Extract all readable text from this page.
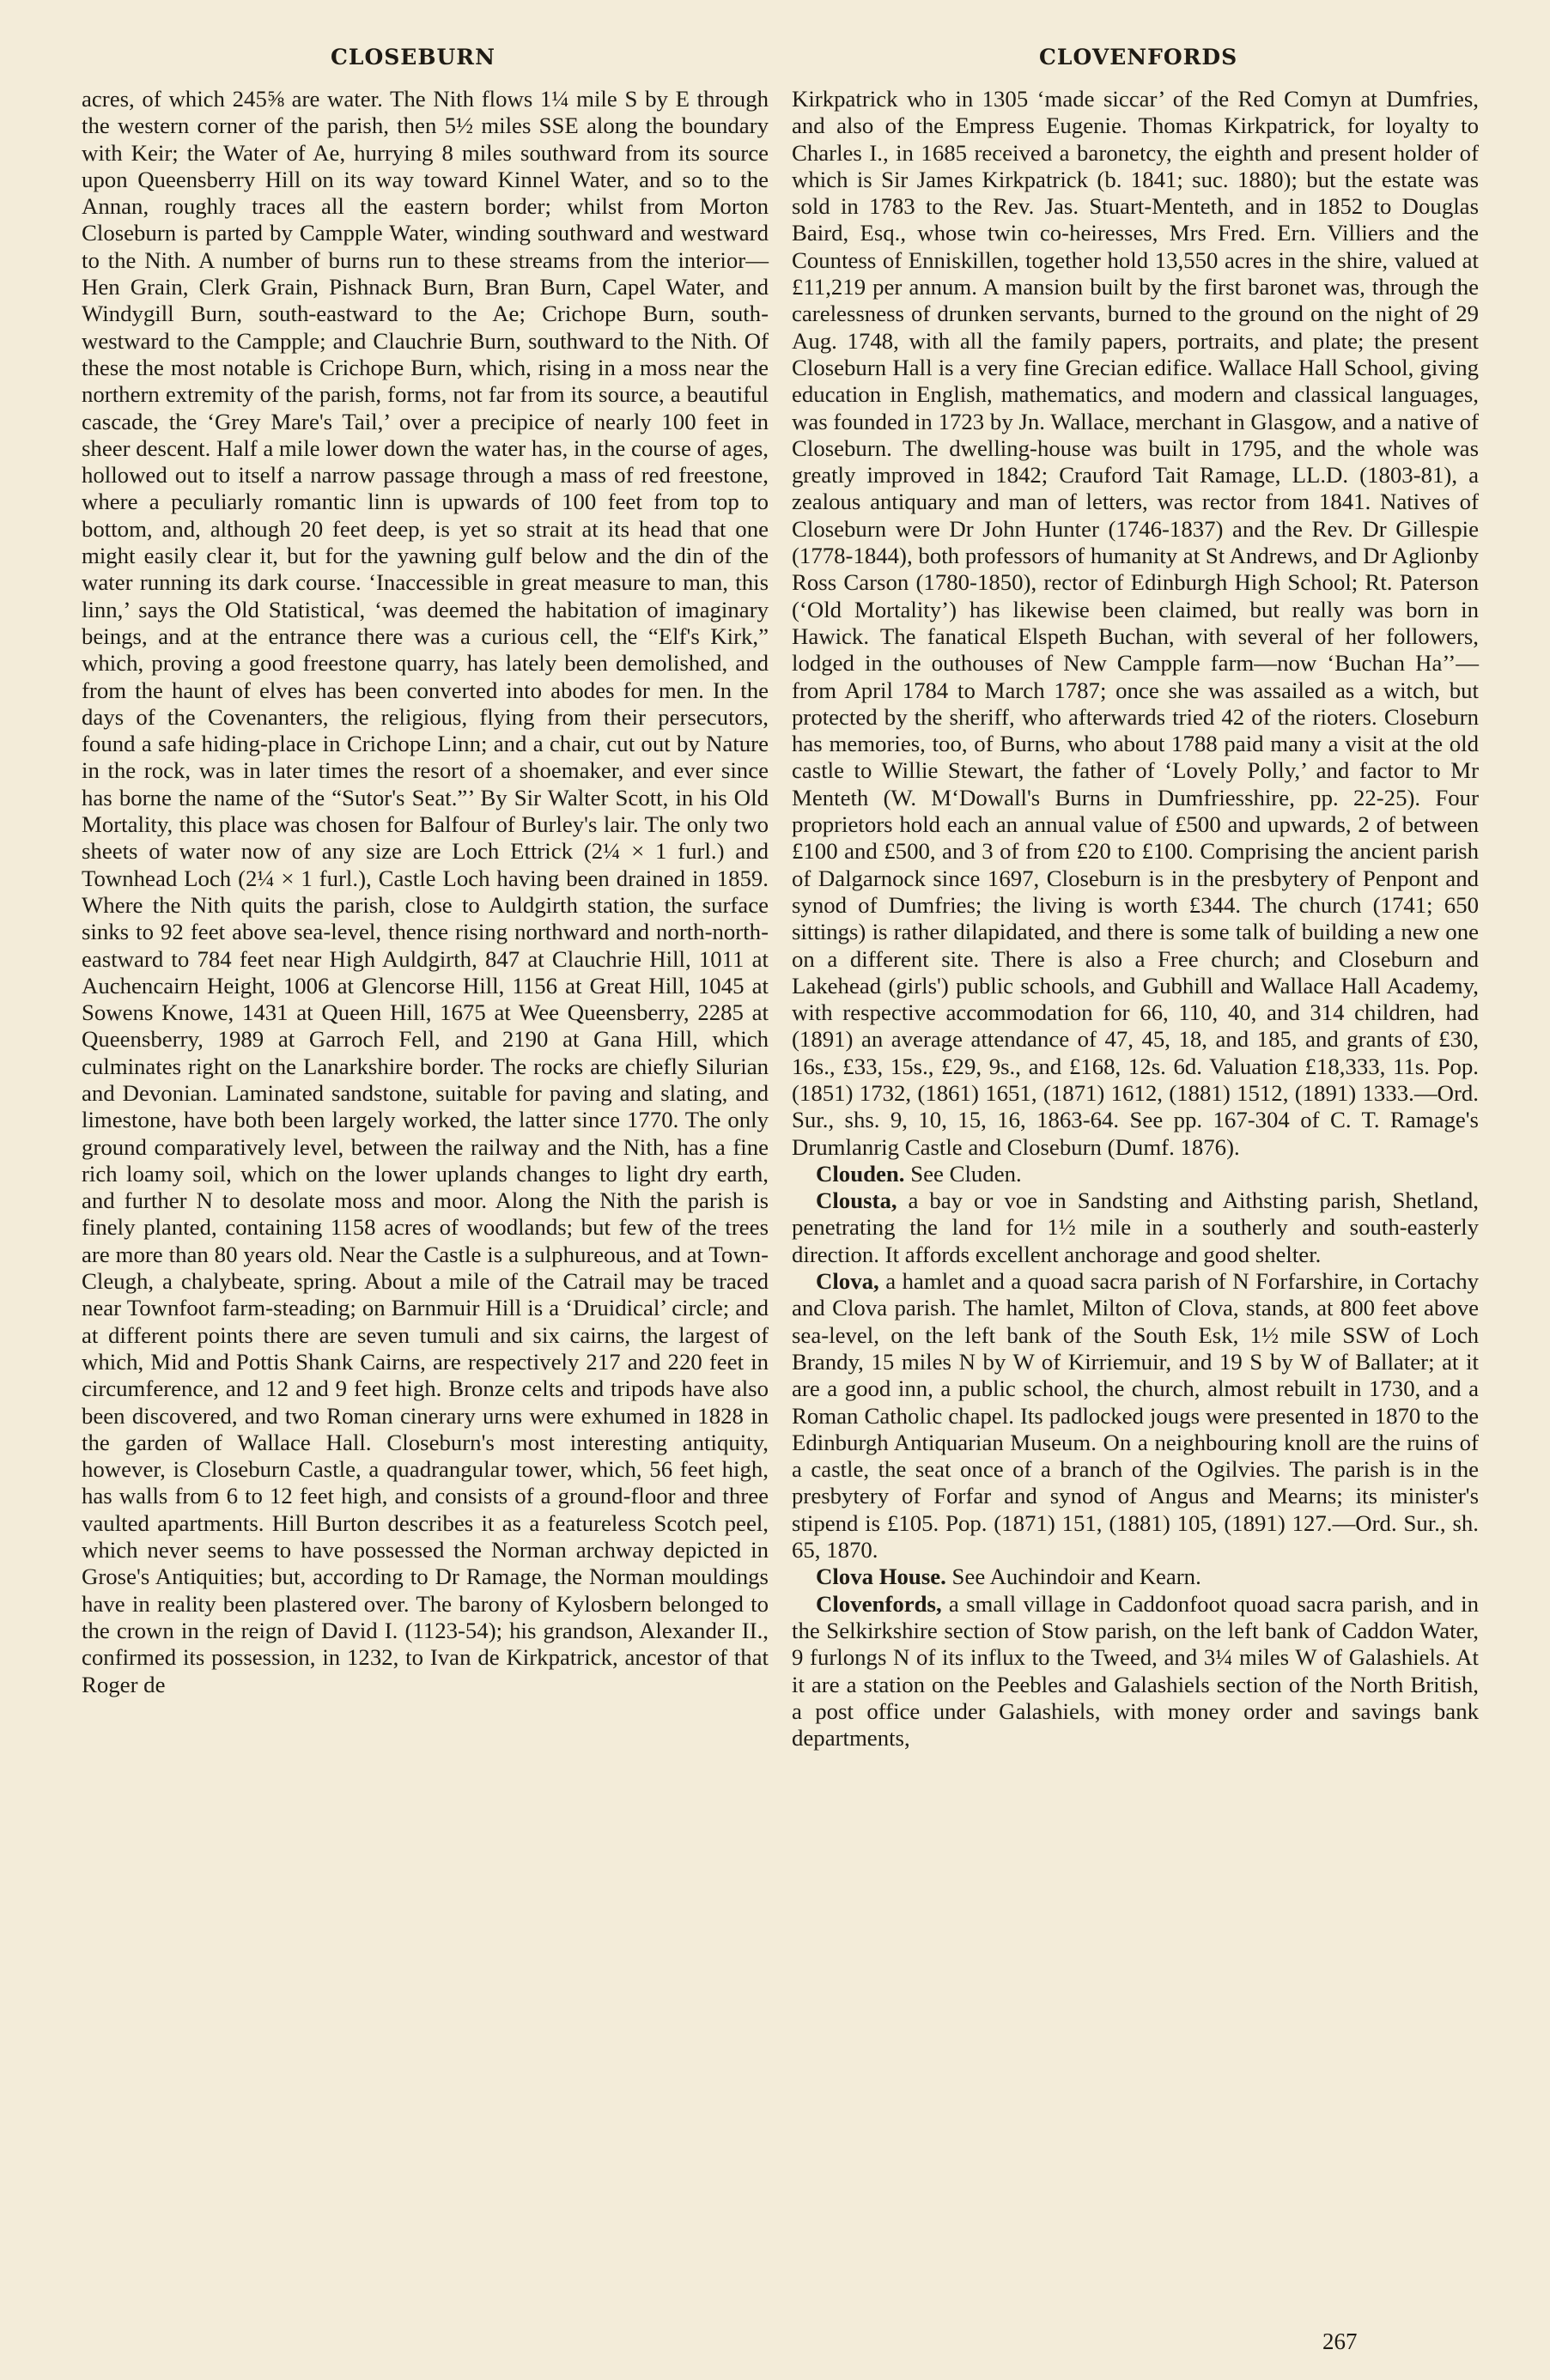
CLOSEBURN	CLOVENFORDS

acres, of which 245⅝ are water. The Nith flows 1¼ mile S by E through the western corner of the parish, then 5½ miles SSE along the boundary with Keir; the Water of Ae, hurrying 8 miles southward from its source upon Queensberry Hill on its way toward Kinnel Water, and so to the Annan, roughly traces all the eastern border; whilst from Morton Closeburn is parted by Campple Water, winding southward and westward to the Nith. A number of burns run to these streams from the interior—Hen Grain, Clerk Grain, Pishnack Burn, Bran Burn, Capel Water, and Windygill Burn, south-eastward to the Ae; Crichope Burn, south-westward to the Campple; and Clauchrie Burn, southward to the Nith. Of these the most notable is Crichope Burn, which, rising in a moss near the northern extremity of the parish, forms, not far from its source, a beautiful cascade, the ‘Grey Mare's Tail,’ over a precipice of nearly 100 feet in sheer descent. Half a mile lower down the water has, in the course of ages, hollowed out to itself a narrow passage through a mass of red freestone, where a peculiarly romantic linn is upwards of 100 feet from top to bottom, and, although 20 feet deep, is yet so strait at its head that one might easily clear it, but for the yawning gulf below and the din of the water running its dark course. ‘Inaccessible in great measure to man, this linn,’ says the Old Statistical, ‘was deemed the habitation of imaginary beings, and at the entrance there was a curious cell, the “Elf's Kirk,” which, proving a good freestone quarry, has lately been demolished, and from the haunt of elves has been converted into abodes for men. In the days of the Covenanters, the religious, flying from their persecutors, found a safe hiding-place in Crichope Linn; and a chair, cut out by Nature in the rock, was in later times the resort of a shoemaker, and ever since has borne the name of the “Sutor's Seat.”’ By Sir Walter Scott, in his Old Mortality, this place was chosen for Balfour of Burley's lair. The only two sheets of water now of any size are Loch Ettrick (2¼ × 1 furl.) and Townhead Loch (2¼ × 1 furl.), Castle Loch having been drained in 1859. Where the Nith quits the parish, close to Auldgirth station, the surface sinks to 92 feet above sea-level, thence rising northward and north-north-eastward to 784 feet near High Auldgirth, 847 at Clauchrie Hill, 1011 at Auchencairn Height, 1006 at Glencorse Hill, 1156 at Great Hill, 1045 at Sowens Knowe, 1431 at Queen Hill, 1675 at Wee Queensberry, 2285 at Queensberry, 1989 at Garroch Fell, and 2190 at Gana Hill, which culminates right on the Lanarkshire border. The rocks are chiefly Silurian and Devonian. Laminated sandstone, suitable for paving and slating, and limestone, have both been largely worked, the latter since 1770. The only ground comparatively level, between the railway and the Nith, has a fine rich loamy soil, which on the lower uplands changes to light dry earth, and further N to desolate moss and moor. Along the Nith the parish is finely planted, containing 1158 acres of woodlands; but few of the trees are more than 80 years old. Near the Castle is a sulphureous, and at Town-Cleugh, a chalybeate, spring. About a mile of the Catrail may be traced near Townfoot farm-steading; on Barnmuir Hill is a ‘Druidical’ circle; and at different points there are seven tumuli and six cairns, the largest of which, Mid and Pottis Shank Cairns, are respectively 217 and 220 feet in circumference, and 12 and 9 feet high. Bronze celts and tripods have also been discovered, and two Roman cinerary urns were exhumed in 1828 in the garden of Wallace Hall. Closeburn's most interesting antiquity, however, is Closeburn Castle, a quadrangular tower, which, 56 feet high, has walls from 6 to 12 feet high, and consists of a ground-floor and three vaulted apartments. Hill Burton describes it as a featureless Scotch peel, which never seems to have possessed the Norman archway depicted in Grose's Antiquities; but, according to Dr Ramage, the Norman mouldings have in reality been plastered over. The barony of Kylosbern belonged to the crown in the reign of David I. (1123-54); his grandson, Alexander II., confirmed its possession, in 1232, to Ivan de Kirkpatrick, ancestor of that Roger de

Kirkpatrick who in 1305 ‘made siccar’ of the Red Comyn at Dumfries, and also of the Empress Eugenie. Thomas Kirkpatrick, for loyalty to Charles I., in 1685 received a baronetcy, the eighth and present holder of which is Sir James Kirkpatrick (b. 1841; suc. 1880); but the estate was sold in 1783 to the Rev. Jas. Stuart-Menteth, and in 1852 to Douglas Baird, Esq., whose twin co-heiresses, Mrs Fred. Ern. Villiers and the Countess of Enniskillen, together hold 13,550 acres in the shire, valued at £11,219 per annum. A mansion built by the first baronet was, through the carelessness of drunken servants, burned to the ground on the night of 29 Aug. 1748, with all the family papers, portraits, and plate; the present Closeburn Hall is a very fine Grecian edifice. Wallace Hall School, giving education in English, mathematics, and modern and classical languages, was founded in 1723 by Jn. Wallace, merchant in Glasgow, and a native of Closeburn. The dwelling-house was built in 1795, and the whole was greatly improved in 1842; Crauford Tait Ramage, LL.D. (1803-81), a zealous antiquary and man of letters, was rector from 1841. Natives of Closeburn were Dr John Hunter (1746-1837) and the Rev. Dr Gillespie (1778-1844), both professors of humanity at St Andrews, and Dr Aglionby Ross Carson (1780-1850), rector of Edinburgh High School; Rt. Paterson (‘Old Mortality’) has likewise been claimed, but really was born in Hawick. The fanatical Elspeth Buchan, with several of her followers, lodged in the outhouses of New Campple farm—now ‘Buchan Ha’’—from April 1784 to March 1787; once she was assailed as a witch, but protected by the sheriff, who afterwards tried 42 of the rioters. Closeburn has memories, too, of Burns, who about 1788 paid many a visit at the old castle to Willie Stewart, the father of ‘Lovely Polly,’ and factor to Mr Menteth (W. M‘Dowall's Burns in Dumfriesshire, pp. 22-25). Four proprietors hold each an annual value of £500 and upwards, 2 of between £100 and £500, and 3 of from £20 to £100. Comprising the ancient parish of Dalgarnock since 1697, Closeburn is in the presbytery of Penpont and synod of Dumfries; the living is worth £344. The church (1741; 650 sittings) is rather dilapidated, and there is some talk of building a new one on a different site. There is also a Free church; and Closeburn and Lakehead (girls') public schools, and Gubhill and Wallace Hall Academy, with respective accommodation for 66, 110, 40, and 314 children, had (1891) an average attendance of 47, 45, 18, and 185, and grants of £30, 16s., £33, 15s., £29, 9s., and £168, 12s. 6d. Valuation £18,333, 11s. Pop. (1851) 1732, (1861) 1651, (1871) 1612, (1881) 1512, (1891) 1333.—Ord. Sur., shs. 9, 10, 15, 16, 1863-64. See pp. 167-304 of C. T. Ramage's Drumlanrig Castle and Closeburn (Dumf. 1876).

Clouden. See Cluden.

Clousta, a bay or voe in Sandsting and Aithsting parish, Shetland, penetrating the land for 1½ mile in a southerly and south-easterly direction. It affords excellent anchorage and good shelter.

Clova, a hamlet and a quoad sacra parish of N Forfarshire, in Cortachy and Clova parish. The hamlet, Milton of Clova, stands, at 800 feet above sea-level, on the left bank of the South Esk, 1½ mile SSW of Loch Brandy, 15 miles N by W of Kirriemuir, and 19 S by W of Ballater; at it are a good inn, a public school, the church, almost rebuilt in 1730, and a Roman Catholic chapel. Its padlocked jougs were presented in 1870 to the Edinburgh Antiquarian Museum. On a neighbouring knoll are the ruins of a castle, the seat once of a branch of the Ogilvies. The parish is in the presbytery of Forfar and synod of Angus and Mearns; its minister's stipend is £105. Pop. (1871) 151, (1881) 105, (1891) 127.—Ord. Sur., sh. 65, 1870.

Clova House. See Auchindoir and Kearn.

Clovenfords, a small village in Caddonfoot quoad sacra parish, and in the Selkirkshire section of Stow parish, on the left bank of Caddon Water, 9 furlongs N of its influx to the Tweed, and 3¼ miles W of Galashiels. At it are a station on the Peebles and Galashiels section of the North British, a post office under Galashiels, with money order and savings bank departments,

267
